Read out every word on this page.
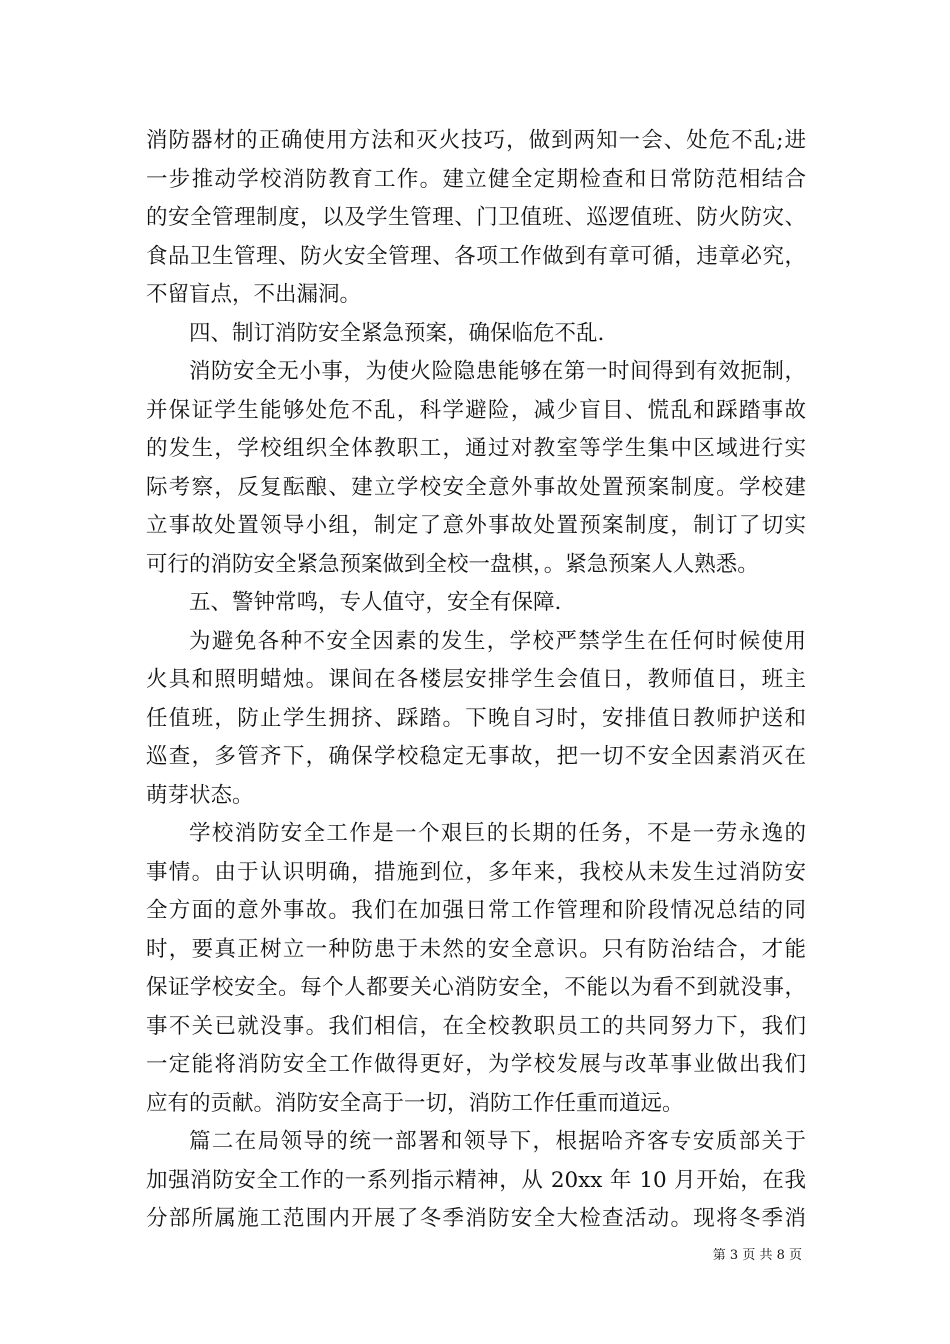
消防器材的正确使用方法和灭火技巧，做到两知一会、处危不乱;进
一步推动学校消防教育工作。建立健全定期检查和日常防范相结合
的安全管理制度，以及学生管理、门卫值班、巡逻值班、防火防灾、
食品卫生管理、防火安全管理、各项工作做到有章可循，违章必究，
不留盲点，不出漏洞。
四、制订消防安全紧急预案，确保临危不乱.
消防安全无小事，为使火险隐患能够在第一时间得到有效扼制，
并保证学生能够处危不乱，科学避险，减少盲目、慌乱和踩踏事故
的发生，学校组织全体教职工，通过对教室等学生集中区域进行实
际考察，反复酝酿、建立学校安全意外事故处置预案制度。学校建
立事故处置领导小组，制定了意外事故处置预案制度，制订了切实
可行的消防安全紧急预案做到全校一盘棋，。紧急预案人人熟悉。
五、警钟常鸣，专人值守，安全有保障.
为避免各种不安全因素的发生，学校严禁学生在任何时候使用
火具和照明蜡烛。课间在各楼层安排学生会值日，教师值日，班主
任值班，防止学生拥挤、踩踏。下晚自习时，安排值日教师护送和
巡查，多管齐下，确保学校稳定无事故，把一切不安全因素消灭在
萌芽状态。
学校消防安全工作是一个艰巨的长期的任务，不是一劳永逸的
事情。由于认识明确，措施到位，多年来，我校从未发生过消防安
全方面的意外事故。我们在加强日常工作管理和阶段情况总结的同
时，要真正树立一种防患于未然的安全意识。只有防治结合，才能
保证学校安全。每个人都要关心消防安全，不能以为看不到就没事，
事不关已就没事。我们相信，在全校教职员工的共同努力下，我们
一定能将消防安全工作做得更好，为学校发展与改革事业做出我们
应有的贡献。消防安全高于一切，消防工作任重而道远。
篇二在局领导的统一部署和领导下，根据哈齐客专安质部关于
加强消防安全工作的一系列指示精神，从 20xx 年 10 月开始，在我
分部所属施工范围内开展了冬季消防安全大检查活动。现将冬季消
第 3 页 共 8 页
